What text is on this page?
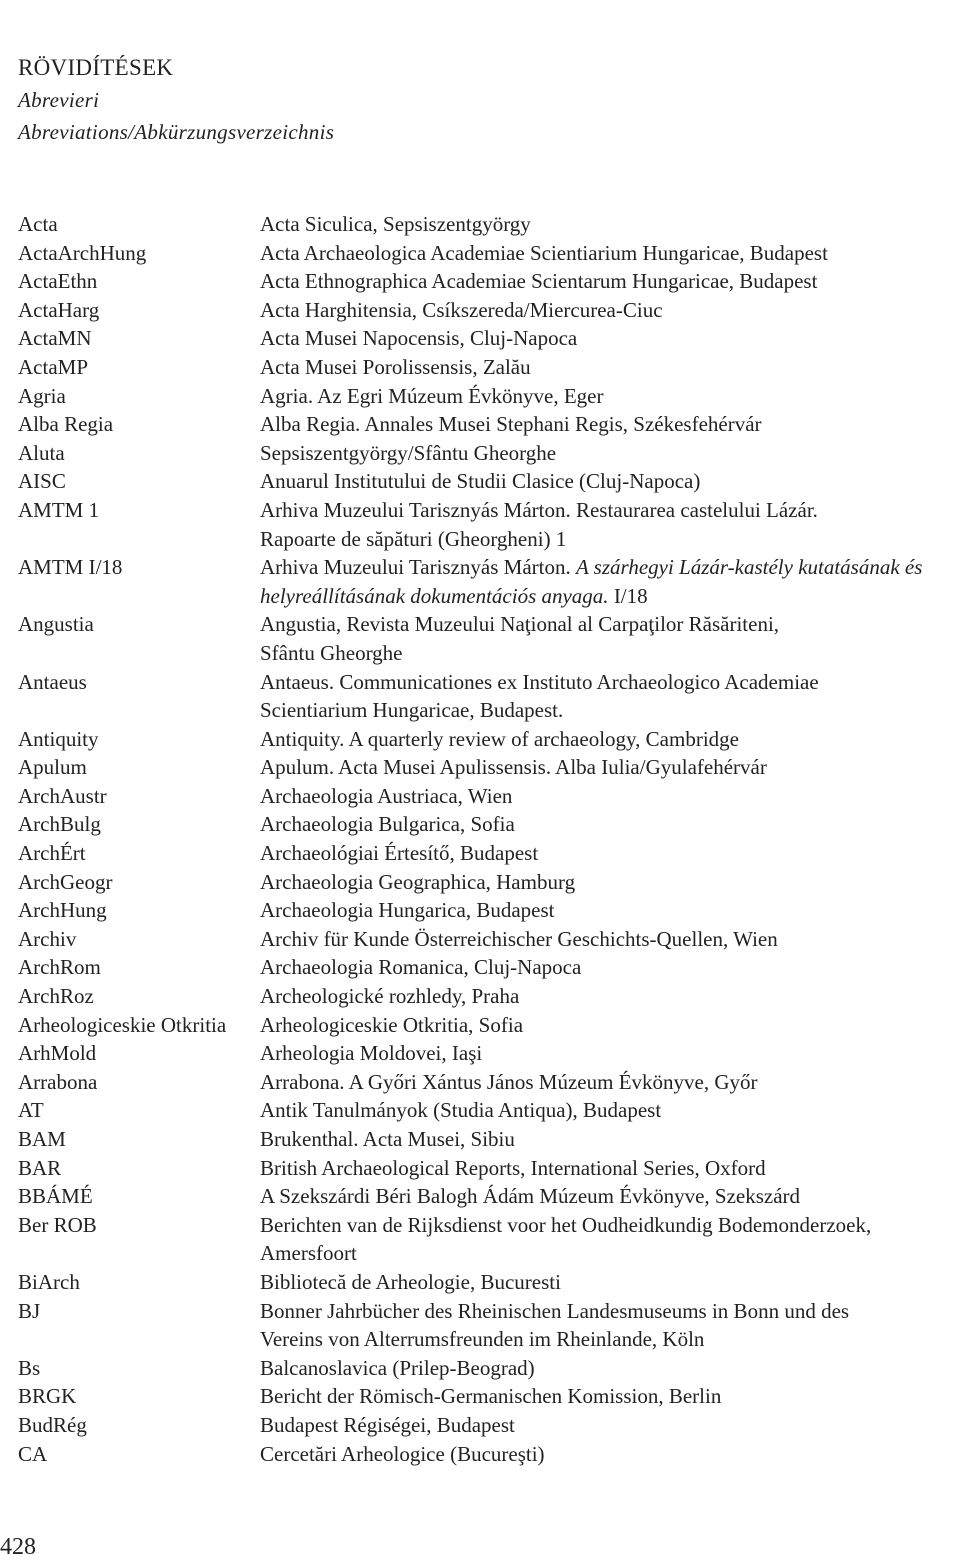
RÖVIDÍTÉSEK
Abrevieri
Abreviations/Abkürzungsverzeichnis
Acta	Acta Siculica, Sepsiszentgyörgy
ActaArchHung	Acta Archaeologica Academiae Scientiarium Hungaricae, Budapest
ActaEthn	Acta Ethnographica Academiae Scientarum Hungaricae, Budapest
ActaHarg	Acta Harghitensia, Csíkszereda/Miercurea-Ciuc
ActaMN	Acta Musei Napocensis, Cluj-Napoca
ActaMP	Acta Musei Porolissensis, Zalău
Agria	Agria. Az Egri Múzeum Évkönyve, Eger
Alba Regia	Alba Regia. Annales Musei Stephani Regis, Székesfehérvár
Aluta	Sepsiszentgyörgy/Sfântu Gheorghe
AISC	Anuarul Institutului de Studii Clasice (Cluj-Napoca)
AMTM 1	Arhiva Muzeului Tarisznyás Márton. Restaurarea castelului Lázár.
Rapoarte de săpături (Gheorgheni) 1
AMTM I/18	Arhiva Muzeului Tarisznyás Márton. A szárhegyi Lázár-kastély kutatásának és helyreállításának dokumentációs anyaga. I/18
Angustia	Angustia, Revista Muzeului Naţional al Carpaţilor Răsăriteni,
Sfântu Gheorghe
Antaeus	Antaeus. Communicationes ex Instituto Archaeologico Academiae
Scientiarium Hungaricae, Budapest.
Antiquity	Antiquity. A quarterly review of archaeology, Cambridge
Apulum	Apulum. Acta Musei Apulissensis. Alba Iulia/Gyulafehérvár
ArchAustr	Archaeologia Austriaca, Wien
ArchBulg	Archaeologia Bulgarica, Sofia
ArchÉrt	Archaeológiai Értesítő, Budapest
ArchGeogr	Archaeologia Geographica, Hamburg
ArchHung	Archaeologia Hungarica, Budapest
Archiv	Archiv für Kunde Österreichischer Geschichts-Quellen, Wien
ArchRom	Archaeologia Romanica, Cluj-Napoca
ArchRoz	Archeologické rozhledy, Praha
Arheologiceskie Otkritia	Arheologiceskie Otkritia, Sofia
ArhMold	Arheologia Moldovei, Iaşi
Arrabona	Arrabona. A Győri Xántus János Múzeum Évkönyve, Győr
AT	Antik Tanulmányok (Studia Antiqua), Budapest
BAM	Brukenthal. Acta Musei, Sibiu
BAR	British Archaeological Reports, International Series, Oxford
BBÁMÉ	A Szekszárdi Béri Balogh Ádám Múzeum Évkönyve, Szekszárd
Ber ROB	Berichten van de Rijksdienst voor het Oudheidkundig Bodemonderzoek,
Amersfoort
BiArch	Bibliotecă de Arheologie, Bucuresti
BJ	Bonner Jahrbücher des Rheinischen Landesmuseums in Bonn und des
Vereins von Alterrumsfreunden im Rheinlande, Köln
Bs	Balcanoslavica (Prilep-Beograd)
BRGK	Bericht der Römisch-Germanischen Komission, Berlin
BudRég	Budapest Régiségei, Budapest
CA	Cercetări Arheologice (Bucureşti)
428
